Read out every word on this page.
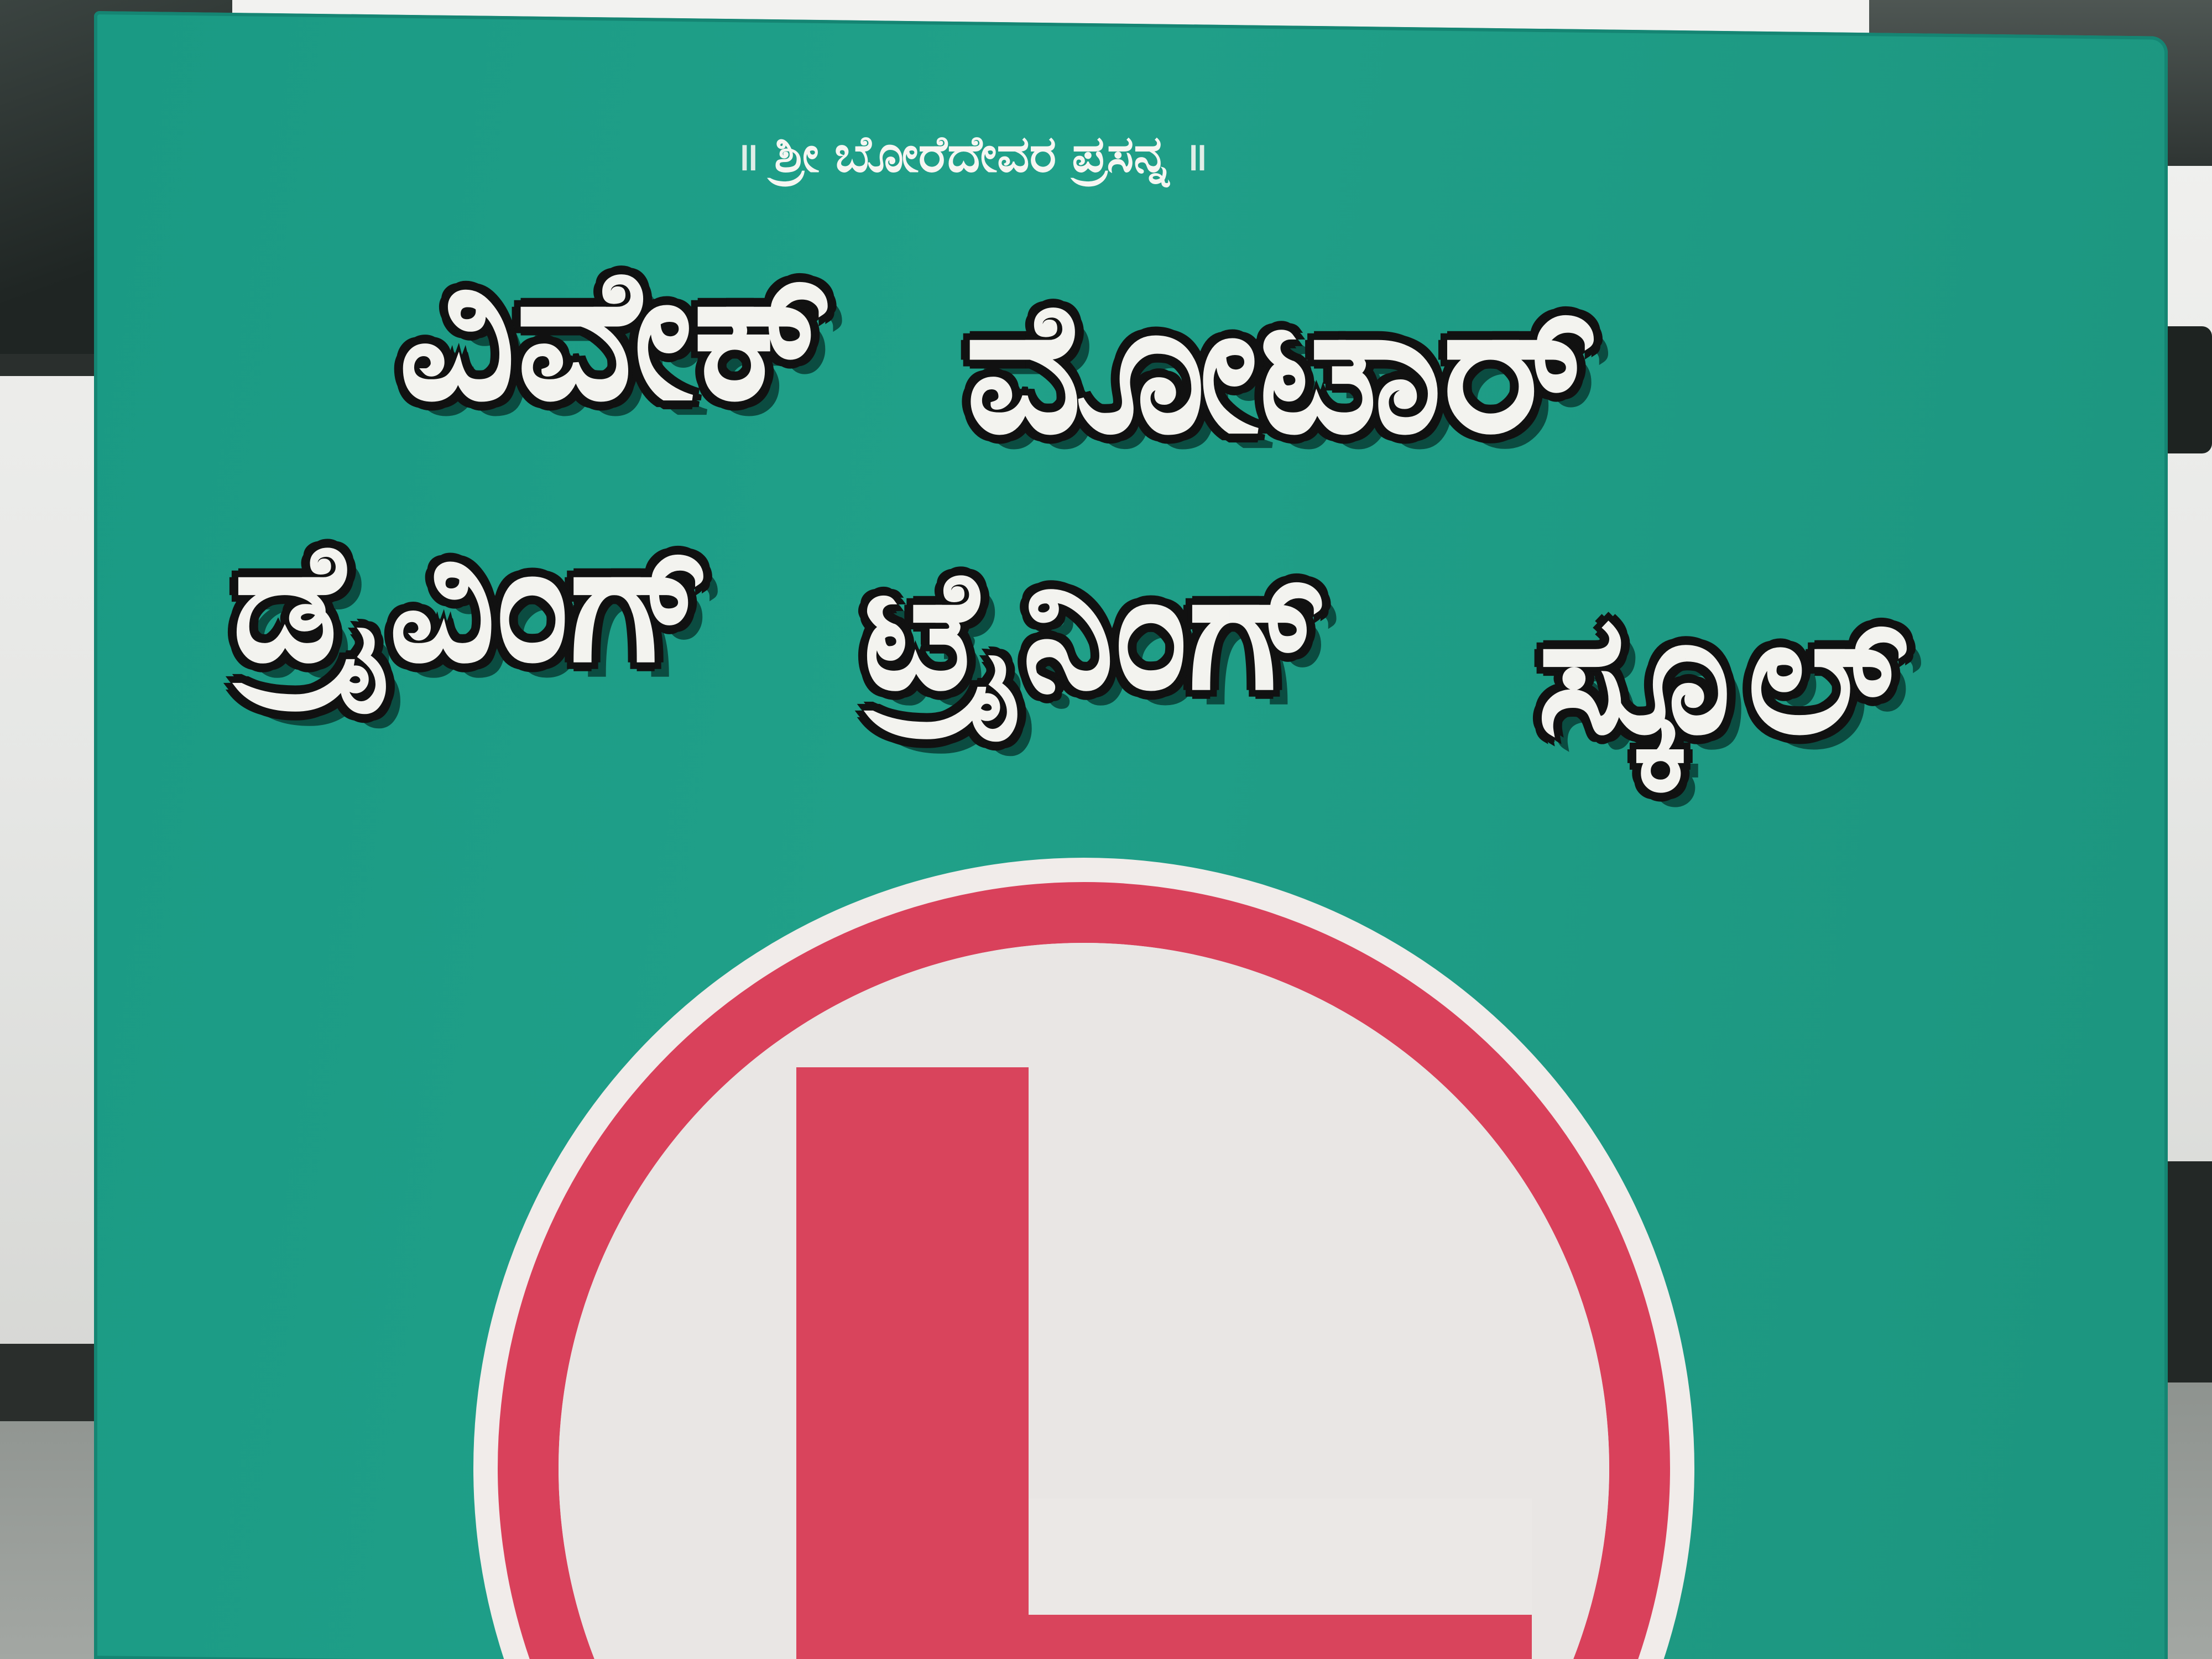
॥ ಶ್ರೀ ಬೋರೆದೇವರ ಪ್ರಸನ್ನ ॥
ವಿವೇಕ್ ಮೋಟಾರ್
ಡ್ರೈವಿಂಗ್ ಟ್ರೈನಿಂಗ್ ಸ್ಕೂಲ್
